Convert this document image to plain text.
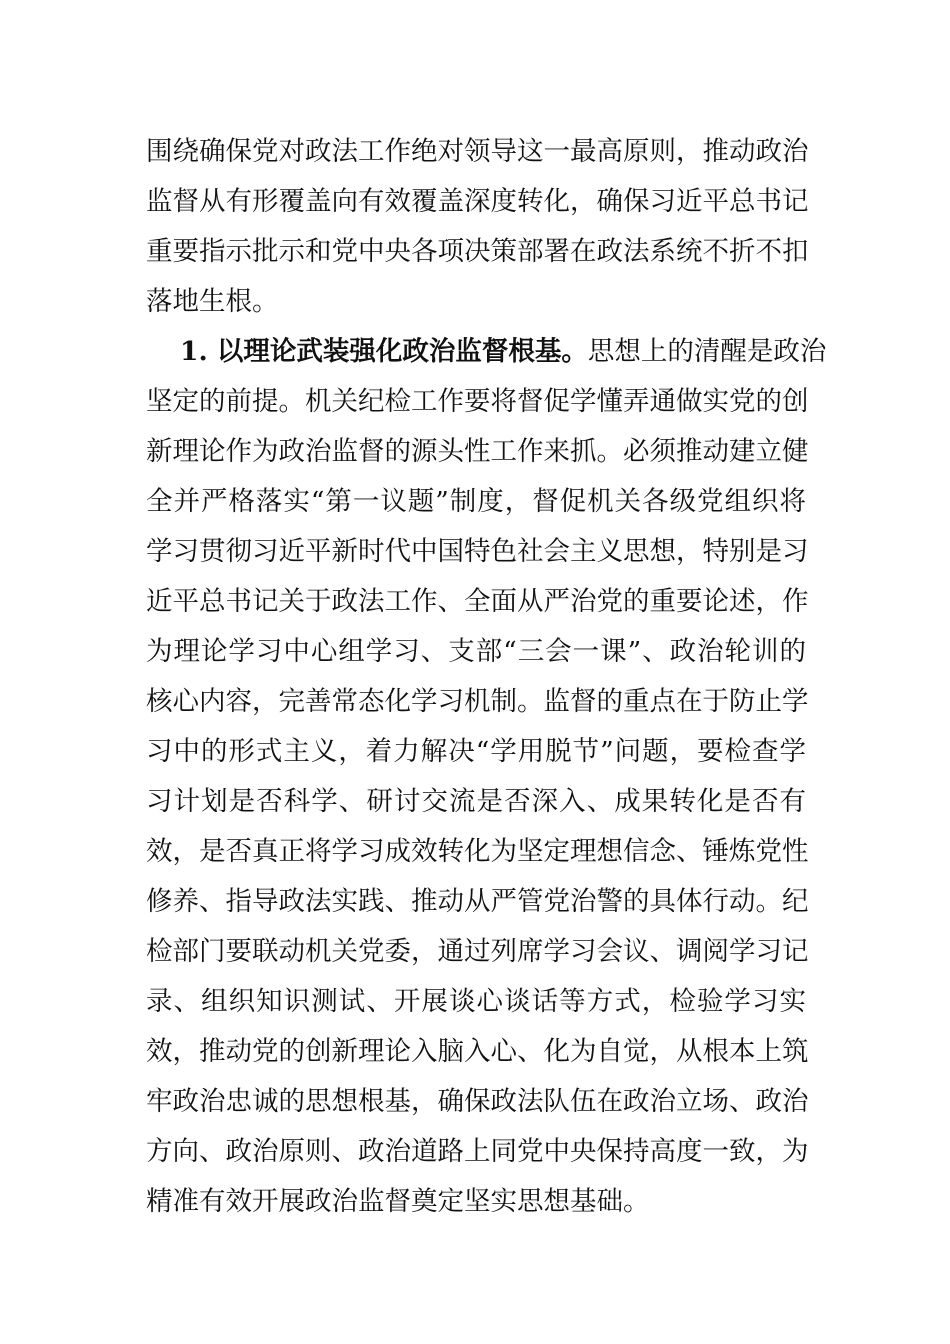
围绕确保党对政法工作绝对领导这一最高原则，推动政治
监督从有形覆盖向有效覆盖深度转化，确保习近平总书记
重要指示批示和党中央各项决策部署在政法系统不折不扣
落地生根。
1. 以理论武装强化政治监督根基。思想上的清醒是政治
坚定的前提。机关纪检工作要将督促学懂弄通做实党的创
新理论作为政治监督的源头性工作来抓。必须推动建立健
全并严格落实“第一议题”制度，督促机关各级党组织将
学习贯彻习近平新时代中国特色社会主义思想，特别是习
近平总书记关于政法工作、全面从严治党的重要论述，作
为理论学习中心组学习、支部“三会一课”、政治轮训的
核心内容，完善常态化学习机制。监督的重点在于防止学
习中的形式主义，着力解决“学用脱节”问题，要检查学
习计划是否科学、研讨交流是否深入、成果转化是否有
效，是否真正将学习成效转化为坚定理想信念、锤炼党性
修养、指导政法实践、推动从严管党治警的具体行动。纪
检部门要联动机关党委，通过列席学习会议、调阅学习记
录、组织知识测试、开展谈心谈话等方式，检验学习实
效，推动党的创新理论入脑入心、化为自觉，从根本上筑
牢政治忠诚的思想根基，确保政法队伍在政治立场、政治
方向、政治原则、政治道路上同党中央保持高度一致，为
精准有效开展政治监督奠定坚实思想基础。
